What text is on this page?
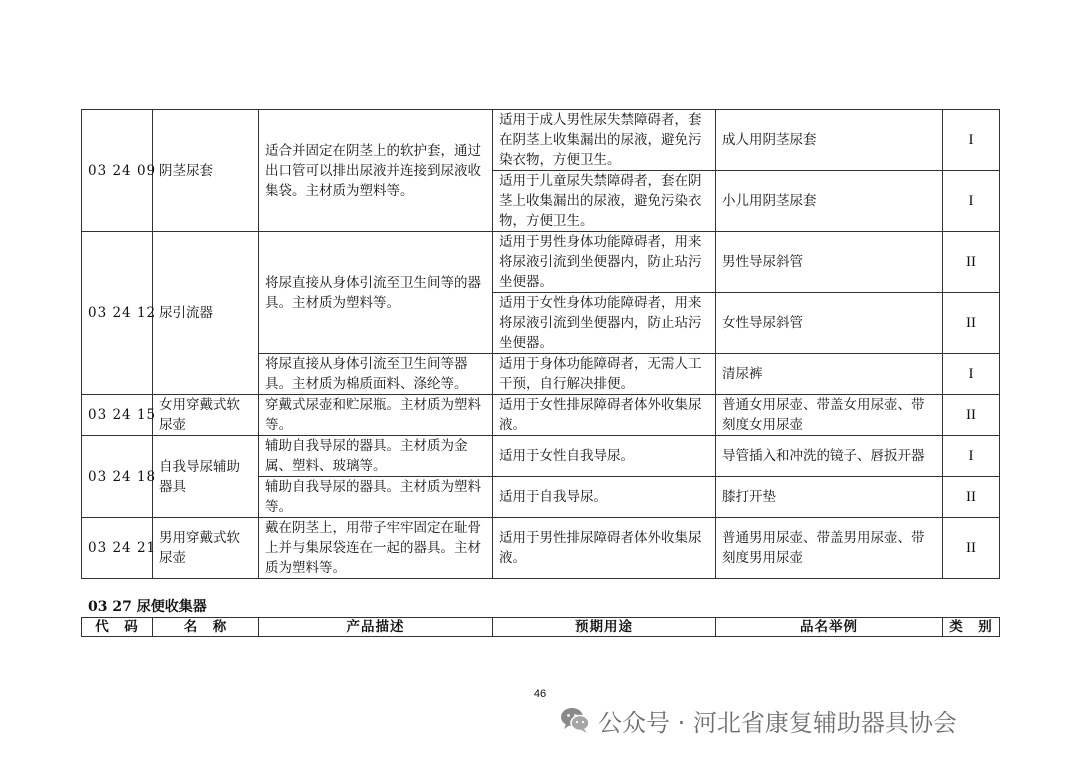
03 24 09	阴茎尿套	适合并固定在阴茎上的软护套，通过出口管可以排出尿液并连接到尿液收集袋。主材质为塑料等。	适用于成人男性尿失禁障碍者，套在阴茎上收集漏出的尿液，避免污染衣物，方便卫生。	成人用阴茎尿套	I
			适用于儿童尿失禁障碍者，套在阴茎上收集漏出的尿液，避免污染衣物，方便卫生。	小儿用阴茎尿套	I
03 24 12	尿引流器	将尿直接从身体引流至卫生间等的器具。主材质为塑料等。	适用于男性身体功能障碍者，用来将尿液引流到坐便器内，防止玷污坐便器。	男性导尿斜管	II
			适用于女性身体功能障碍者，用来将尿液引流到坐便器内，防止玷污坐便器。	女性导尿斜管	II
		将尿直接从身体引流至卫生间等器具。主材质为棉质面料、涤纶等。	适用于身体功能障碍者，无需人工干预，自行解决排便。	清尿裤	I
03 24 15	女用穿戴式软尿壶	穿戴式尿壶和贮尿瓶。主材质为塑料等。	适用于女性排尿障碍者体外收集尿液。	普通女用尿壶、带盖女用尿壶、带刻度女用尿壶	II
03 24 18	自我导尿辅助器具	辅助自我导尿的器具。主材质为金属、塑料、玻璃等。	适用于女性自我导尿。	导管插入和冲洗的镜子、唇扳开器	I
		辅助自我导尿的器具。主材质为塑料等。	适用于自我导尿。	膝打开垫	II
03 24 21	男用穿戴式软尿壶	戴在阴茎上，用带子牢牢固定在耻骨上并与集尿袋连在一起的器具。主材质为塑料等。	适用于男性排尿障碍者体外收集尿液。	普通男用尿壶、带盖男用尿壶、带刻度男用尿壶	II
03 27 尿便收集器
代　码	名　称	产品描述	预期用途	品名举例	类　别
46
公众号 · 河北省康复辅助器具协会
